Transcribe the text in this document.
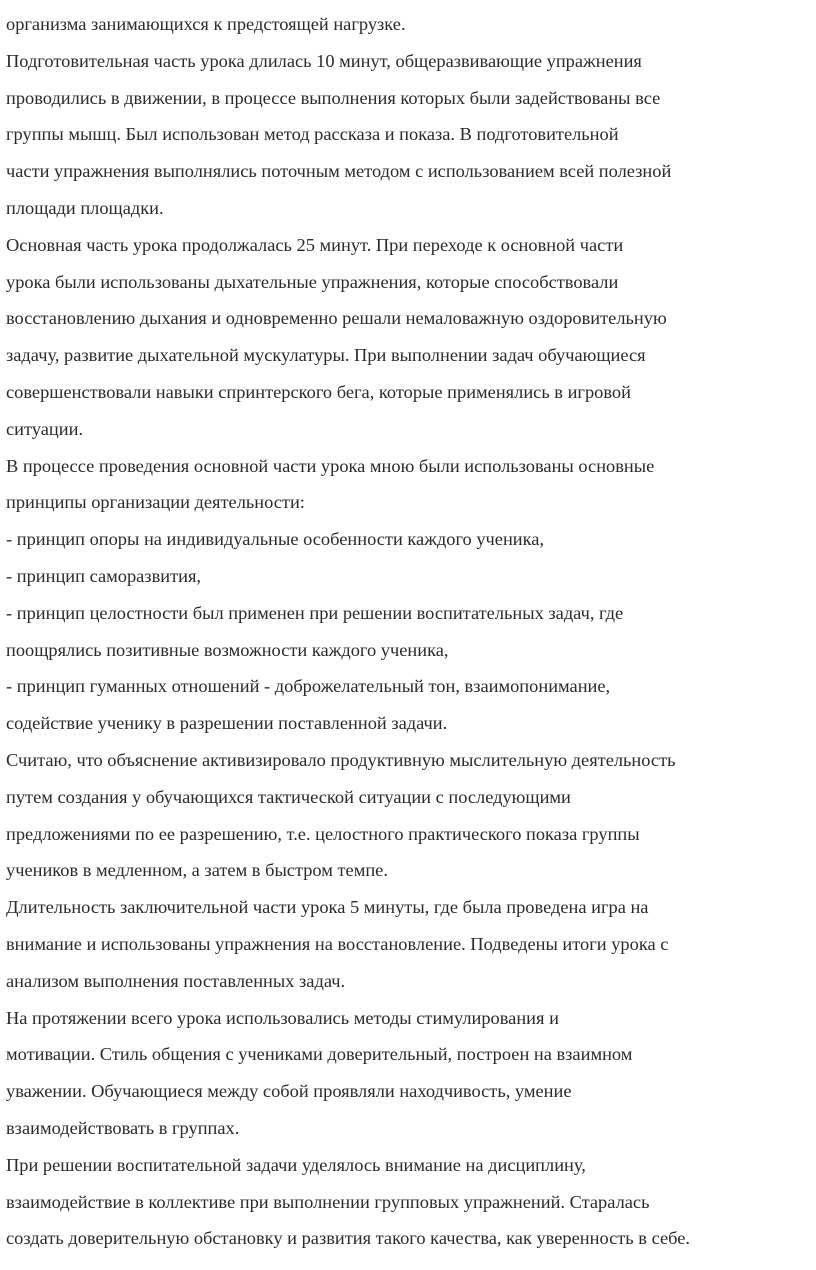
организма занимающихся к предстоящей нагрузке.
Подготовительная часть урока длилась 10 минут, общеразвивающие упражнения
проводились в движении, в процессе выполнения которых были задействованы все
группы мышц. Был использован метод рассказа и показа. В подготовительной
части упражнения выполнялись поточным методом с использованием всей полезной
площади площадки.
Основная часть урока продолжалась 25 минут. При переходе к основной части
урока были использованы дыхательные упражнения, которые способствовали
восстановлению дыхания и одновременно решали немаловажную оздоровительную
задачу, развитие дыхательной мускулатуры. При выполнении задач обучающиеся
совершенствовали навыки спринтерского бега, которые применялись в игровой
ситуации.
В процессе проведения основной части урока мною были использованы основные
принципы организации деятельности:
- принцип опоры на индивидуальные особенности каждого ученика,
- принцип саморазвития,
- принцип целостности был применен при решении воспитательных задач, где
поощрялись позитивные возможности каждого ученика,
- принцип гуманных отношений - доброжелательный тон, взаимопонимание,
содействие ученику в разрешении поставленной задачи.
Считаю, что объяснение активизировало продуктивную мыслительную деятельность
путем создания у обучающихся тактической ситуации с последующими
предложениями по ее разрешению, т.е. целостного практического показа группы
учеников в медленном, а затем в быстром темпе.
Длительность заключительной части урока 5 минуты, где была проведена игра на
внимание и использованы упражнения на восстановление. Подведены итоги урока с
анализом выполнения поставленных задач.
На протяжении всего урока использовались методы стимулирования и
мотивации. Стиль общения с учениками доверительный, построен на взаимном
уважении. Обучающиеся между собой проявляли находчивость, умение
взаимодействовать в группах.
При решении воспитательной задачи уделялось внимание на дисциплину,
взаимодействие в коллективе при выполнении групповых упражнений. Старалась
создать доверительную обстановку и развития такого качества, как уверенность в себе.
